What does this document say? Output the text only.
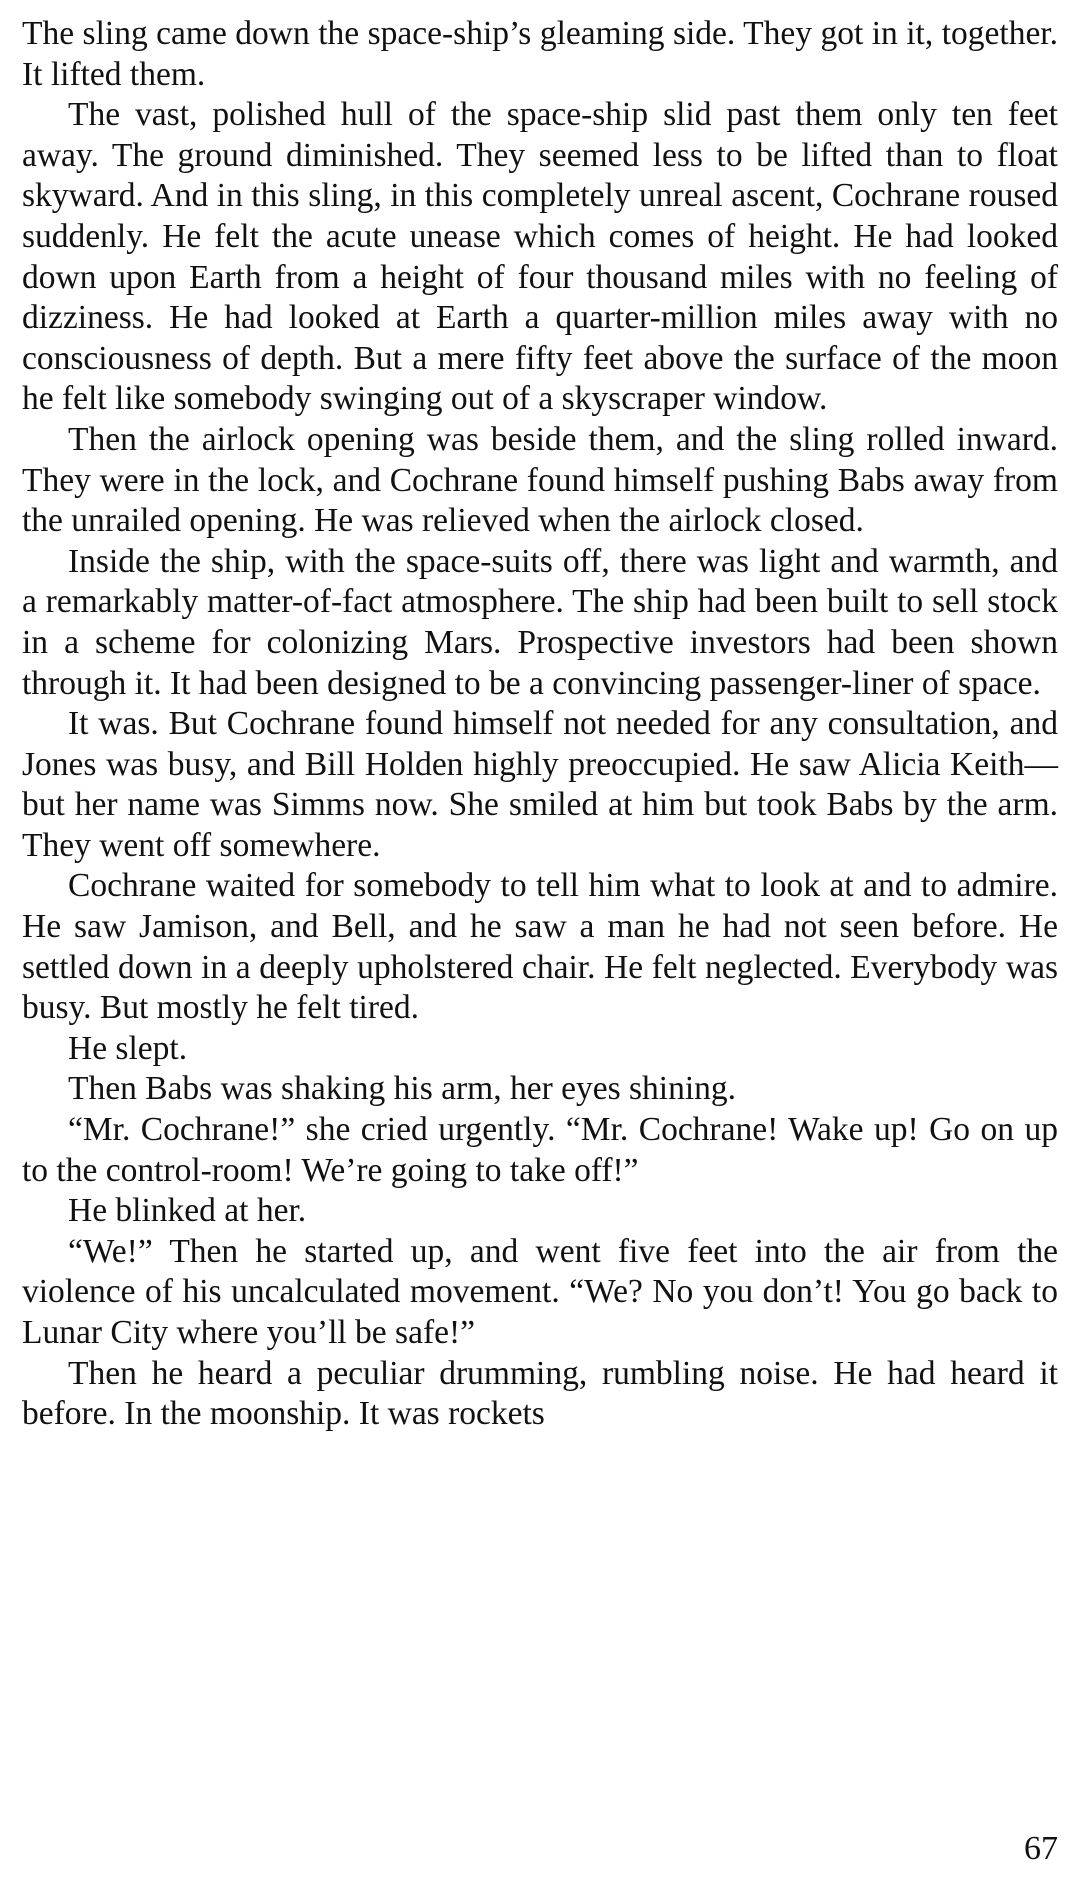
The sling came down the space-ship’s gleaming side. They got in it, together. It lifted them.

The vast, polished hull of the space-ship slid past them only ten feet away. The ground diminished. They seemed less to be lifted than to float skyward. And in this sling, in this completely unreal ascent, Cochrane roused suddenly. He felt the acute unease which comes of height. He had looked down upon Earth from a height of four thousand miles with no feeling of dizziness. He had looked at Earth a quarter-million miles away with no consciousness of depth. But a mere fifty feet above the surface of the moon he felt like somebody swinging out of a skyscraper window.

Then the airlock opening was beside them, and the sling rolled inward. They were in the lock, and Cochrane found himself pushing Babs away from the unrailed opening. He was relieved when the airlock closed.

Inside the ship, with the space-suits off, there was light and warmth, and a remarkably matter-of-fact atmosphere. The ship had been built to sell stock in a scheme for colonizing Mars. Prospective investors had been shown through it. It had been designed to be a convincing passenger-liner of space.

It was. But Cochrane found himself not needed for any consultation, and Jones was busy, and Bill Holden highly preoccupied. He saw Alicia Keith—but her name was Simms now. She smiled at him but took Babs by the arm. They went off somewhere.

Cochrane waited for somebody to tell him what to look at and to admire. He saw Jamison, and Bell, and he saw a man he had not seen before. He settled down in a deeply upholstered chair. He felt neglected. Everybody was busy. But mostly he felt tired.

He slept.

Then Babs was shaking his arm, her eyes shining.

“Mr. Cochrane!” she cried urgently. “Mr. Cochrane! Wake up! Go on up to the control-room! We’re going to take off!”

He blinked at her.

“We!” Then he started up, and went five feet into the air from the violence of his uncalculated movement. “We? No you don’t! You go back to Lunar City where you’ll be safe!”

Then he heard a peculiar drumming, rumbling noise. He had heard it before. In the moonship. It was rockets

67
